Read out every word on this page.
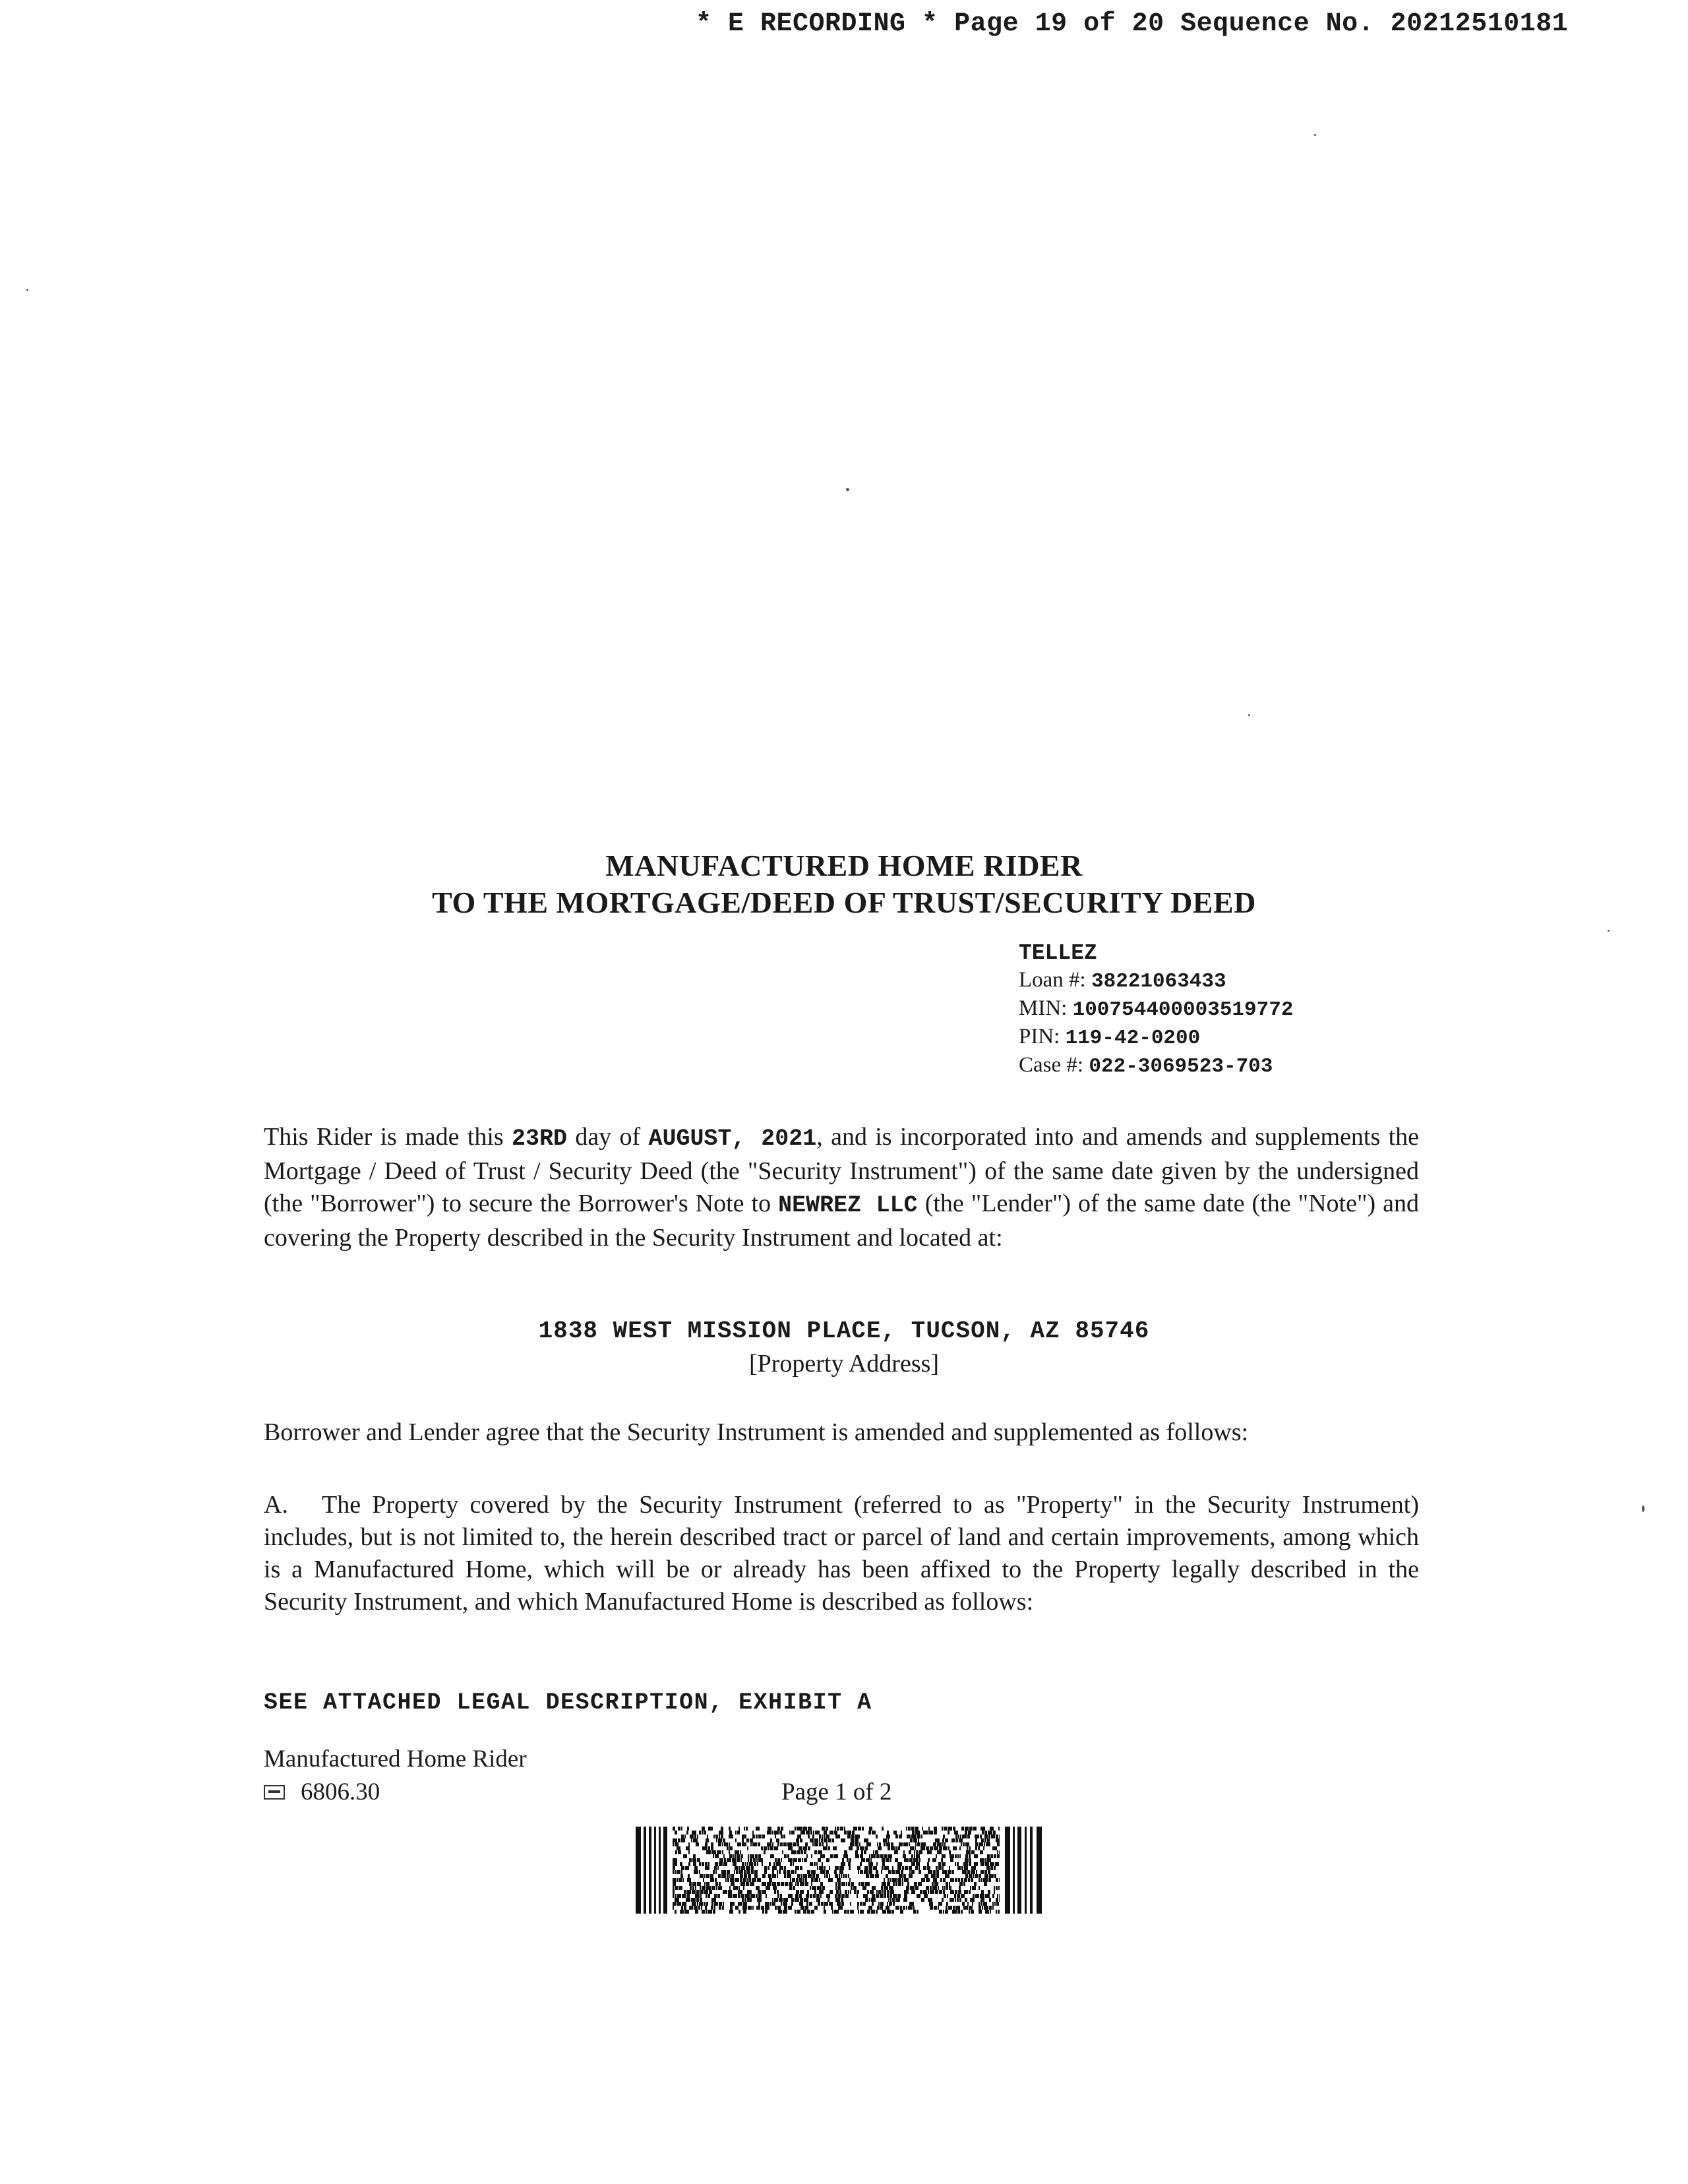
* E RECORDING * Page 19 of 20 Sequence No. 20212510181
MANUFACTURED HOME RIDER
TO THE MORTGAGE/DEED OF TRUST/SECURITY DEED
TELLEZ
Loan #: 38221063433
MIN: 100754400003519772
PIN: 119-42-0200
Case #: 022-3069523-703
This Rider is made this 23RD day of AUGUST, 2021, and is incorporated into and amends and supplements the Mortgage / Deed of Trust / Security Deed (the "Security Instrument") of the same date given by the undersigned (the "Borrower") to secure the Borrower's Note to NEWREZ LLC (the "Lender") of the same date (the "Note") and covering the Property described in the Security Instrument and located at:
1838 WEST MISSION PLACE, TUCSON, AZ 85746
[Property Address]
Borrower and Lender agree that the Security Instrument is amended and supplemented as follows:
A. The Property covered by the Security Instrument (referred to as "Property" in the Security Instrument) includes, but is not limited to, the herein described tract or parcel of land and certain improvements, among which is a Manufactured Home, which will be or already has been affixed to the Property legally described in the Security Instrument, and which Manufactured Home is described as follows:
SEE ATTACHED LEGAL DESCRIPTION, EXHIBIT A
Manufactured Home Rider
6806.30	Page 1 of 2
